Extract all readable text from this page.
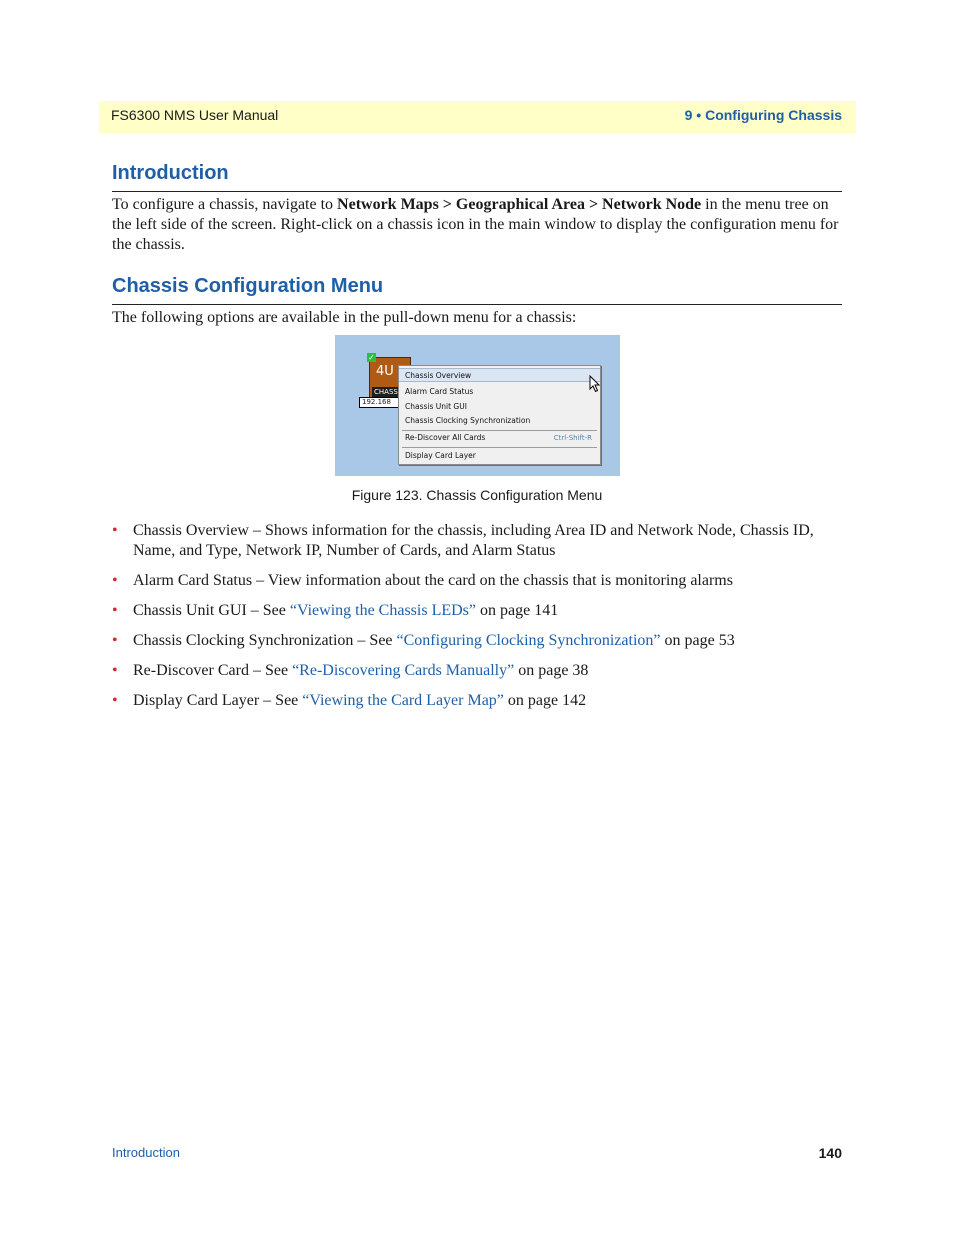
FS6300 NMS User Manual	9 • Configuring Chassis
Introduction

To configure a chassis, navigate to Network Maps > Geographical Area > Network Node in the menu tree on the left side of the screen. Right-click on a chassis icon in the main window to display the configuration menu for the chassis.

Chassis Configuration Menu

The following options are available in the pull-down menu for a chassis:

4U
CHASS
✓
192.168
Chassis Overview
Alarm Card Status
Chassis Unit GUI
Chassis Clocking Synchronization
Re-Discover All Cards	Ctrl-Shift-R
Display Card Layer

Figure 123. Chassis Configuration Menu

• Chassis Overview – Shows information for the chassis, including Area ID and Network Node, Chassis ID, Name, and Type, Network IP, Number of Cards, and Alarm Status
• Alarm Card Status – View information about the card on the chassis that is monitoring alarms
• Chassis Unit GUI – See “Viewing the Chassis LEDs” on page 141
• Chassis Clocking Synchronization – See “Configuring Clocking Synchronization” on page 53
• Re-Discover Card – See “Re-Discovering Cards Manually” on page 38
• Display Card Layer – See “Viewing the Card Layer Map” on page 142
Introduction	140
